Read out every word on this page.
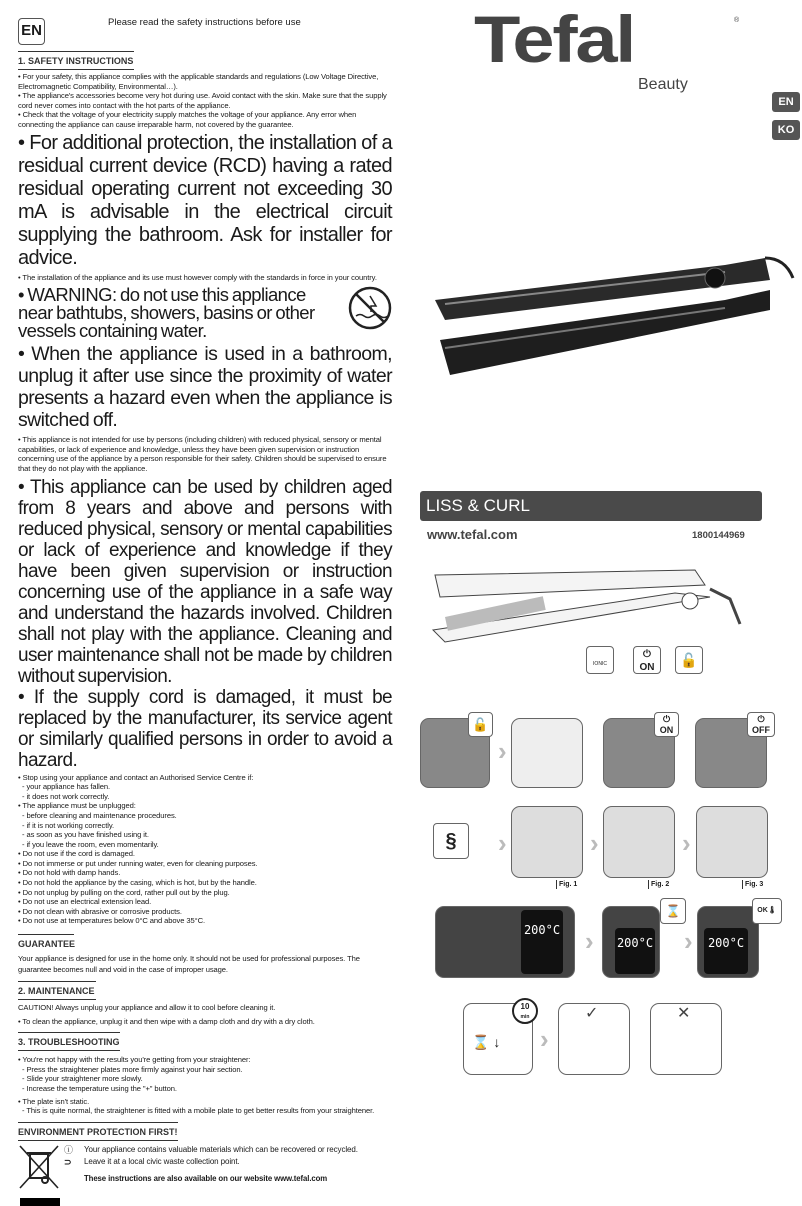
EN	Please read the safety instructions before use
1. SAFETY INSTRUCTIONS

• For your safety, this appliance complies with the applicable standards and regulations (Low Voltage Directive, Electromagnetic Compatibility, Environmental…).

• The appliance's accessories become very hot during use. Avoid contact with the skin. Make sure that the supply cord never comes into contact with the hot parts of the appliance.

• Check that the voltage of your electricity supply matches the voltage of your appliance. Any error when connecting the appliance can cause irreparable harm, not covered by the guarantee.

• For additional protection, the installation of a residual current device (RCD) having a rated residual operating current not exceeding 30 mA is advisable in the electrical circuit supplying the bathroom. Ask for installer for advice.
• The installation of the appliance and its use must however comply with the standards in force in your country.
• WARNING: do not use this appliance near bathtubs, showers, basins or other vessels containing water.
• When the appliance is used in a bathroom, unplug it after use since the proximity of water presents a hazard even when the appliance is switched off.
• This appliance is not intended for use by persons (including children) with reduced physical, sensory or mental capabilities, or lack of experience and knowledge, unless they have been given supervision or instruction concerning use of the appliance by a person responsible for their safety. Children should be supervised to ensure that they do not play with the appliance.
• This appliance can be used by children aged from 8 years and above and persons with reduced physical, sensory or mental capabilities or lack of experience and knowledge if they have been given supervision or instruction concerning use of the appliance in a safe way and understand the hazards involved. Children shall not play with the appliance. Cleaning and user maintenance shall not be made by children without supervision.
• If the supply cord is damaged, it must be replaced by the manufacturer, its service agent or similarly qualified persons in order to avoid a hazard.
• Stop using your appliance and contact an Authorised Service Centre if:
- your appliance has fallen.
- it does not work correctly.
• The appliance must be unplugged:
- before cleaning and maintenance procedures.
- if it is not working correctly.
- as soon as you have finished using it.
- if you leave the room, even momentarily.
• Do not use if the cord is damaged.
• Do not immerse or put under running water, even for cleaning purposes.
• Do not hold with damp hands.
• Do not hold the appliance by the casing, which is hot, but by the handle.
• Do not unplug by pulling on the cord, rather pull out by the plug.
• Do not use an electrical extension lead.
• Do not clean with abrasive or corrosive products.
• Do not use at temperatures below 0°C and above 35°C.
GUARANTEE
Your appliance is designed for use in the home only. It should not be used for professional purposes. The guarantee becomes null and void in the case of improper usage.
2. MAINTENANCE
CAUTION! Always unplug your appliance and allow it to cool before cleaning it.
• To clean the appliance, unplug it and then wipe with a damp cloth and dry with a dry cloth.
3. TROUBLESHOOTING
• You're not happy with the results you're getting from your straightener:
- Press the straightener plates more firmly against your hair section.
- Slide your straightener more slowly.
- Increase the temperature using the "+" button.
• The plate isn't static.
- This is quite normal, the straightener is fitted with a mobile plate to get better results from your straightener.
ENVIRONMENT PROTECTION FIRST!
ⓘ
⊃
Your appliance contains valuable materials which can be recovered or recycled.
Leave it at a local civic waste collection point.
These instructions are also available on our website www.tefal.com
Tefal	®
Beauty
EN
KO
LISS & CURL
www.tefal.com	1800144969
IONIC
⏻
ON	🔓
🔓
›
⏻
ON
⏻
OFF
§	›	›	›
Fig. 1	Fig. 2	Fig. 3
200°C › 200°C
⌛
›	200°C
OK🌡
⌛ ↓
10
min
›
✓	✕
